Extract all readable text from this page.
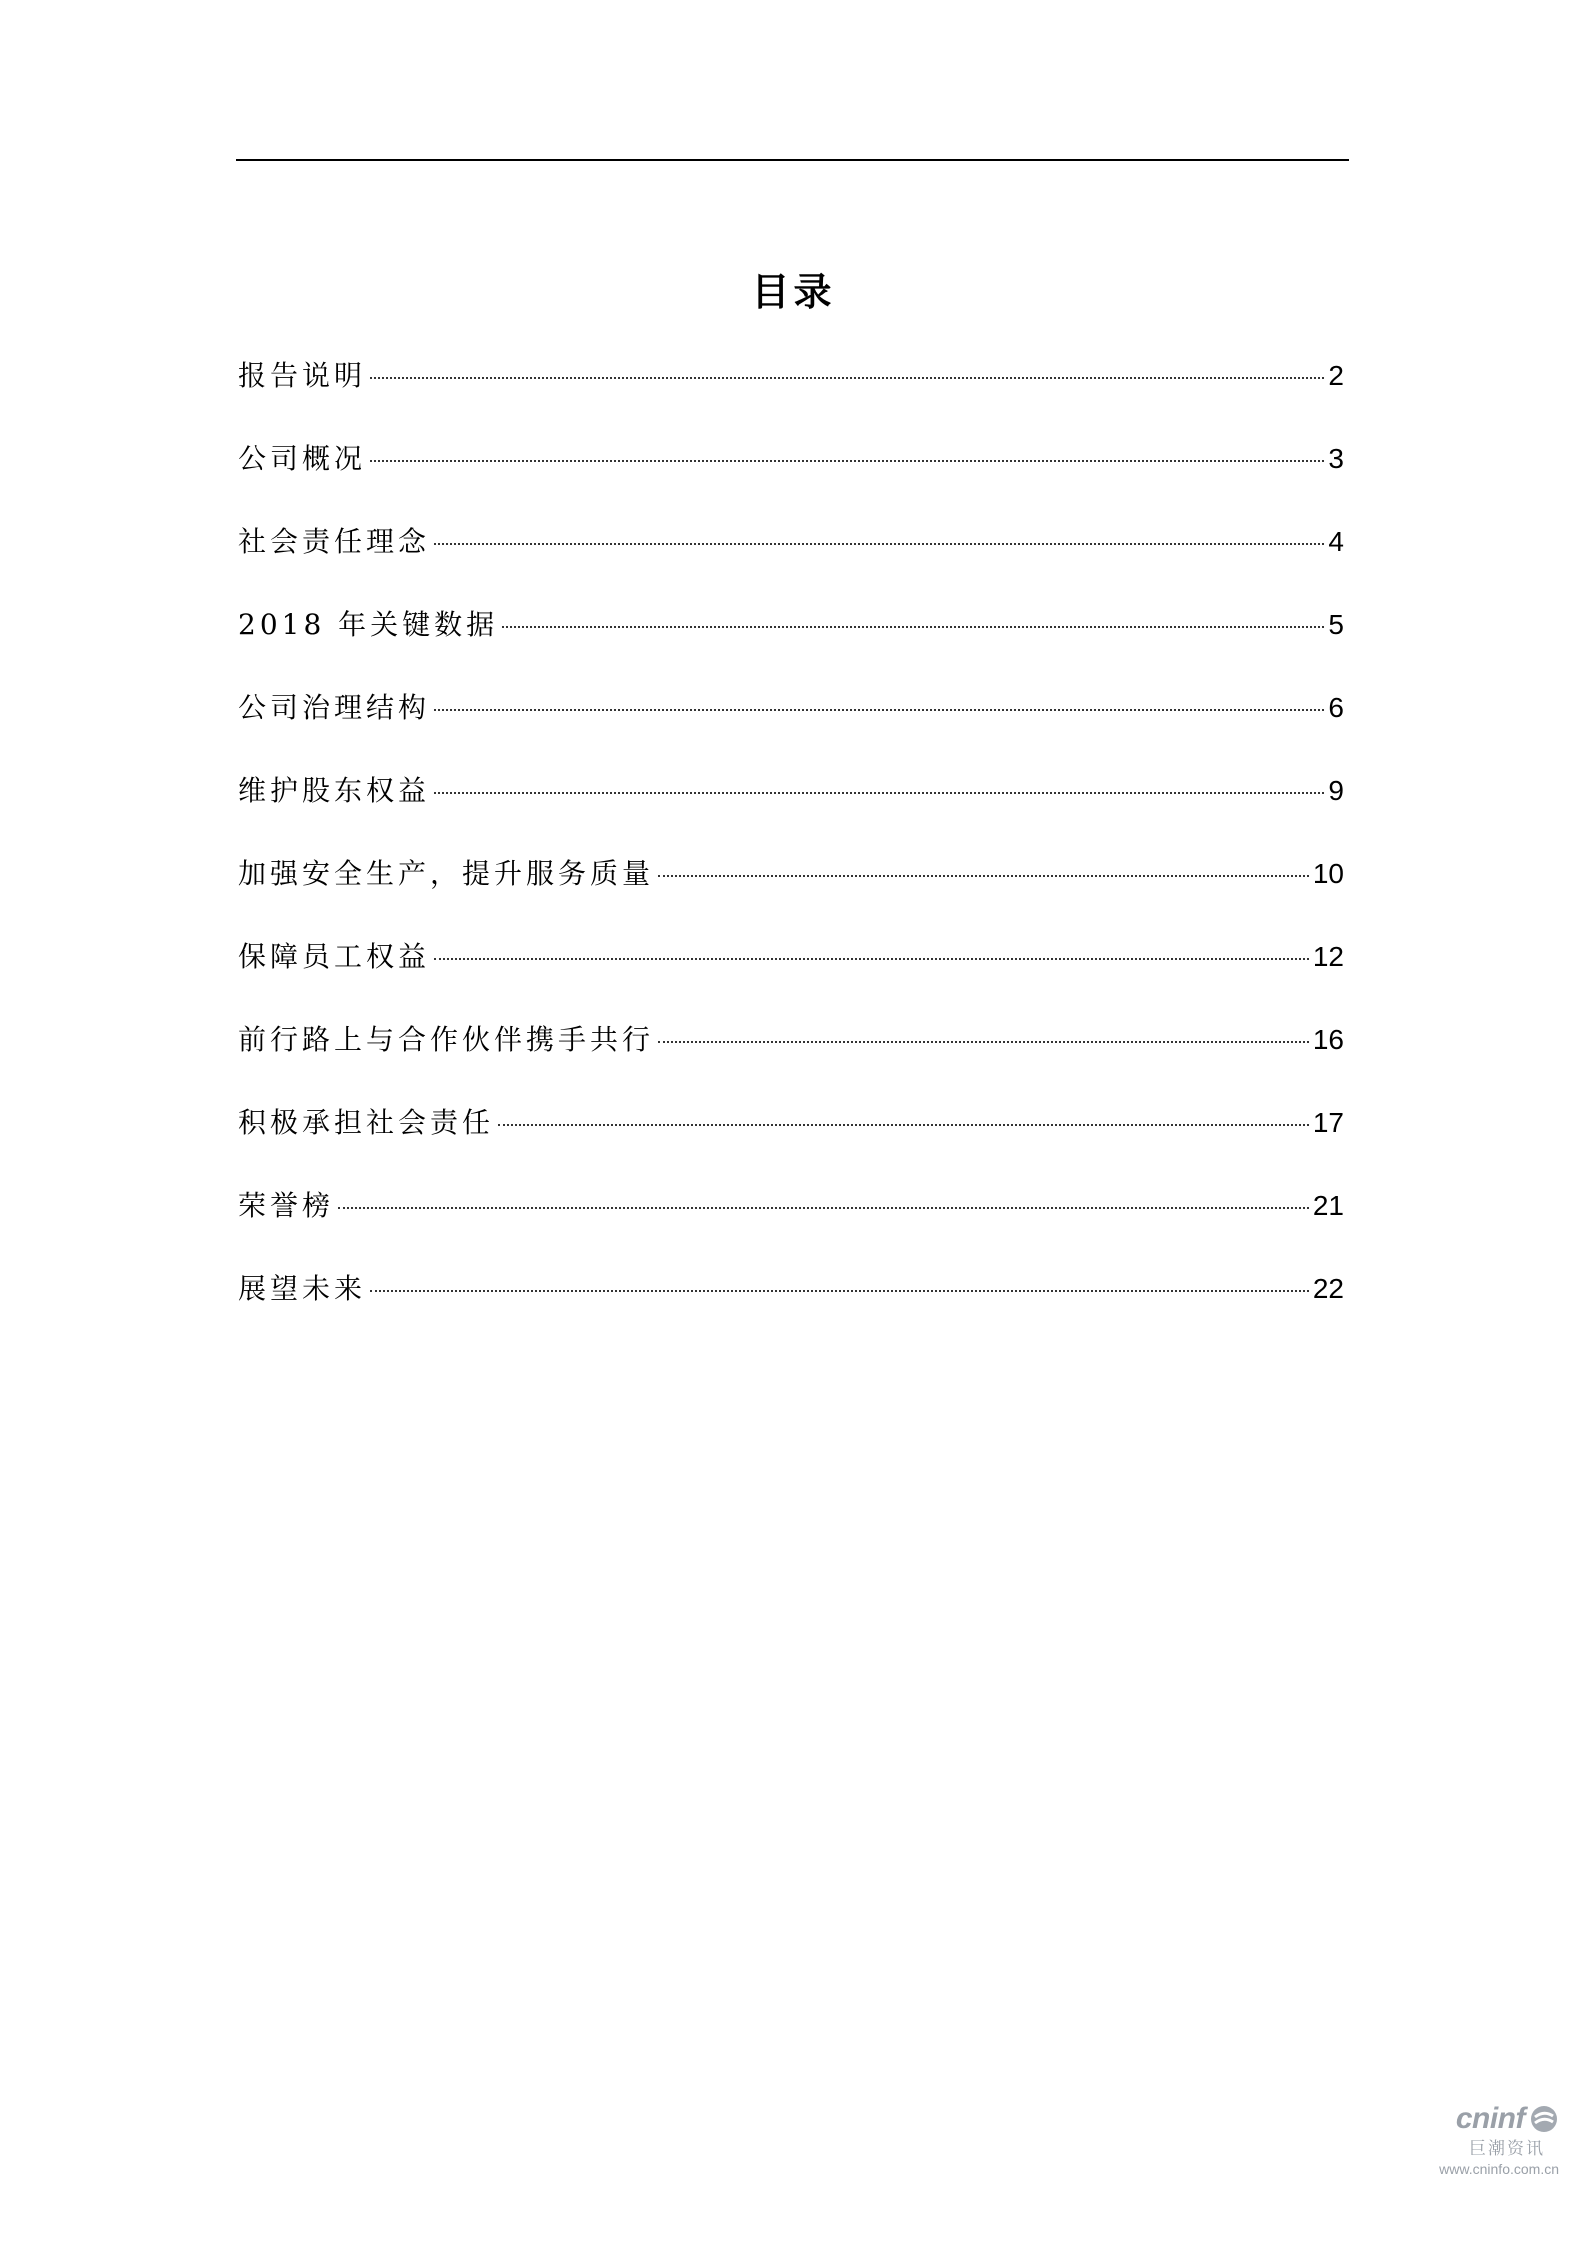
目录
报告说明	2
公司概况	3
社会责任理念	4
2018 年关键数据	5
公司治理结构	6
维护股东权益	9
加强安全生产，提升服务质量	10
保障员工权益	12
前行路上与合作伙伴携手共行	16
积极承担社会责任	17
荣誉榜	21
展望未来	22
cninf
巨潮资讯
www.cninfo.com.cn
